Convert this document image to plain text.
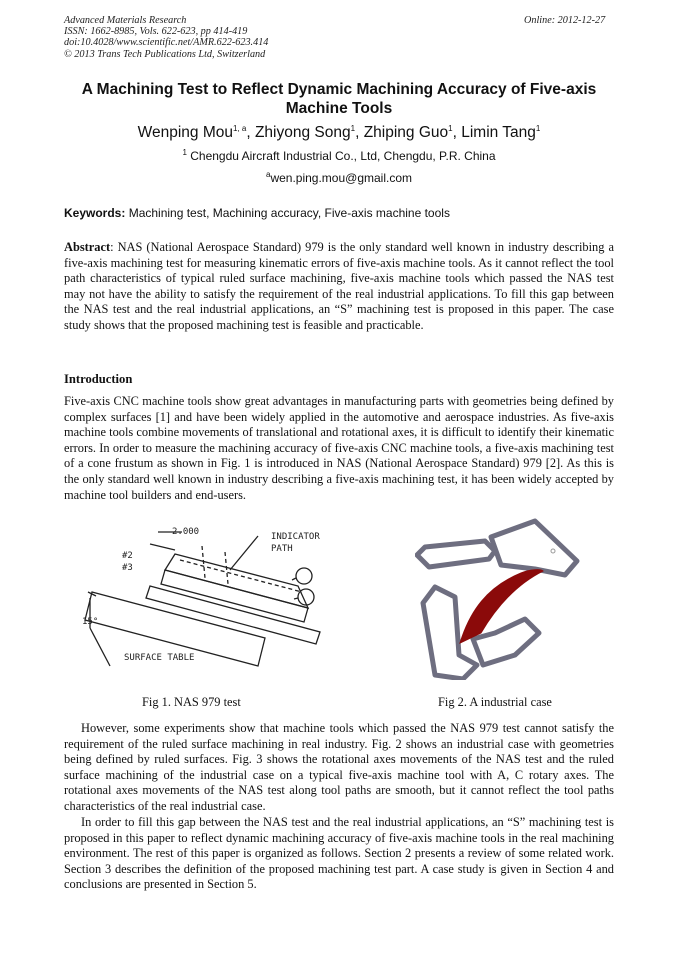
Advanced Materials Research
ISSN: 1662-8985, Vols. 622-623, pp 414-419
doi:10.4028/www.scientific.net/AMR.622-623.414
© 2013 Trans Tech Publications Ltd, Switzerland
Online: 2012-12-27
A Machining Test to Reflect Dynamic Machining Accuracy of Five-axis
Machine Tools
Wenping Mou$^{1, a}$, Zhiyong Song$^1$, Zhiping Guo$^1$, Limin Tang$^1$
$^1$ Chengdu Aircraft Industrial Co., Ltd, Chengdu, P.R. China
$^a$wen.ping.mou@gmail.com
Keywords: Machining test, Machining accuracy, Five-axis machine tools
Abstract: NAS (National Aerospace Standard) 979 is the only standard well known in industry describing a five-axis machining test for measuring kinematic errors of five-axis machine tools. As it cannot reflect the tool path characteristics of typical ruled surface machining, five-axis machine tools which passed the NAS test may not have the ability to satisfy the requirement of the real industrial applications. To fill this gap between the NAS test and the real industrial applications, an “S” machining test is proposed in this paper. The case study shows that the proposed machining test is feasible and practicable.
Introduction
Five-axis CNC machine tools show great advantages in manufacturing parts with geometries being defined by complex surfaces [1] and have been widely applied in the automotive and aerospace industries. As five-axis machine tools combine movements of translational and rotational axes, it is difficult to identify their kinematic errors. In order to measure the machining accuracy of five-axis CNC machine tools, a five-axis machining test of a cone frustum as shown in Fig. 1 is introduced in NAS (National Aerospace Standard) 979 [2]. As this is the only standard well known in industry describing a five-axis machining test, it has been widely accepted by machine tool builders and end-users.
2.000	INDICATOR
PATH
#2
#3
15°
SURFACE TABLE
Fig 1. NAS 979 test	Fig 2. A industrial case
However, some experiments show that machine tools which passed the NAS 979 test cannot satisfy the requirement of the ruled surface machining in real industry. Fig. 2 shows an industrial case with geometries being defined by ruled surfaces. Fig. 3 shows the rotational axes movements of the NAS test and the ruled surface machining of the industrial case on a typical five-axis machine tool with A, C rotary axes. The rotational axes movements of the NAS test along tool paths are smooth, but it cannot reflect the tool paths characteristics of the real industrial case.
In order to fill this gap between the NAS test and the real industrial applications, an “S” machining test is proposed in this paper to reflect dynamic machining accuracy of five-axis machine tools in the real machining environment. The rest of this paper is organized as follows. Section 2 presents a review of some related work. Section 3 describes the definition of the proposed machining test part. A case study is given in Section 4 and conclusions are presented in Section 5.
